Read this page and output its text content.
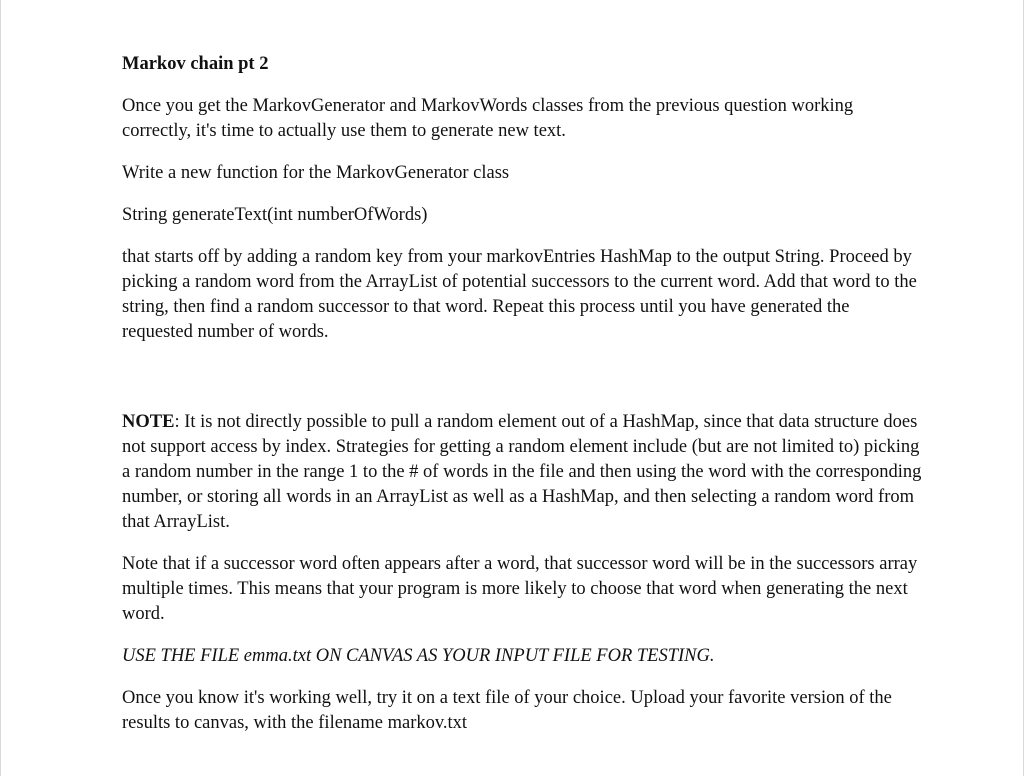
Markov chain pt 2

Once you get the MarkovGenerator and MarkovWords classes from the previous question working correctly, it's time to actually use them to generate new text.

Write a new function for the MarkovGenerator class

String generateText(int numberOfWords)

that starts off by adding a random key from your markovEntries HashMap to the output String. Proceed by picking a random word from the ArrayList of potential successors to the current word. Add that word to the string, then find a random successor to that word. Repeat this process until you have generated the requested number of words.

NOTE: It is not directly possible to pull a random element out of a HashMap, since that data structure does not support access by index. Strategies for getting a random element include (but are not limited to) picking a random number in the range 1 to the # of words in the file and then using the word with the corresponding number, or storing all words in an ArrayList as well as a HashMap, and then selecting a random word from that ArrayList.

Note that if a successor word often appears after a word, that successor word will be in the successors array multiple times. This means that your program is more likely to choose that word when generating the next word.

USE THE FILE emma.txt ON CANVAS AS YOUR INPUT FILE FOR TESTING.

Once you know it's working well, try it on a text file of your choice. Upload your favorite version of the results to canvas, with the filename markov.txt
